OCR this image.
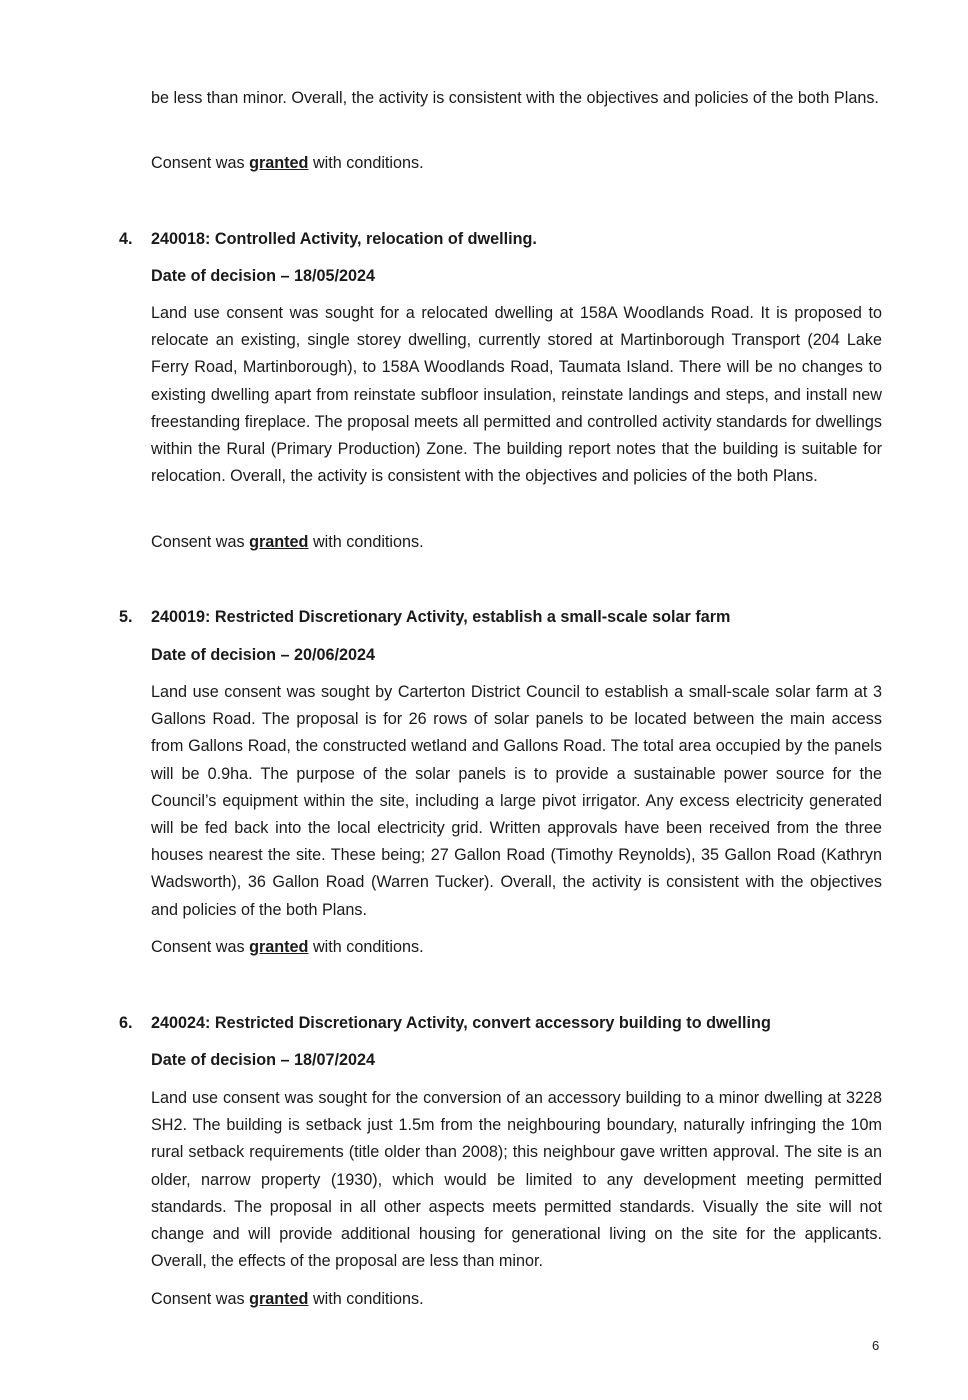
be less than minor. Overall, the activity is consistent with the objectives and policies of the both Plans.

Consent was granted with conditions.

4. 240018: Controlled Activity, relocation of dwelling.
Date of decision – 18/05/2024

Land use consent was sought for a relocated dwelling at 158A Woodlands Road. It is proposed to relocate an existing, single storey dwelling, currently stored at Martinborough Transport (204 Lake Ferry Road, Martinborough), to 158A Woodlands Road, Taumata Island. There will be no changes to existing dwelling apart from reinstate subfloor insulation, reinstate landings and steps, and install new freestanding fireplace. The proposal meets all permitted and controlled activity standards for dwellings within the Rural (Primary Production) Zone. The building report notes that the building is suitable for relocation. Overall, the activity is consistent with the objectives and policies of the both Plans.

Consent was granted with conditions.

5. 240019: Restricted Discretionary Activity, establish a small-scale solar farm
Date of decision – 20/06/2024

Land use consent was sought by Carterton District Council to establish a small-scale solar farm at 3 Gallons Road. The proposal is for 26 rows of solar panels to be located between the main access from Gallons Road, the constructed wetland and Gallons Road. The total area occupied by the panels will be 0.9ha. The purpose of the solar panels is to provide a sustainable power source for the Council’s equipment within the site, including a large pivot irrigator. Any excess electricity generated will be fed back into the local electricity grid. Written approvals have been received from the three houses nearest the site. These being; 27 Gallon Road (Timothy Reynolds), 35 Gallon Road (Kathryn Wadsworth), 36 Gallon Road (Warren Tucker). Overall, the activity is consistent with the objectives and policies of the both Plans.

Consent was granted with conditions.

6. 240024: Restricted Discretionary Activity, convert accessory building to dwelling
Date of decision – 18/07/2024

Land use consent was sought for the conversion of an accessory building to a minor dwelling at 3228 SH2. The building is setback just 1.5m from the neighbouring boundary, naturally infringing the 10m rural setback requirements (title older than 2008); this neighbour gave written approval. The site is an older, narrow property (1930), which would be limited to any development meeting permitted standards. The proposal in all other aspects meets permitted standards. Visually the site will not change and will provide additional housing for generational living on the site for the applicants. Overall, the effects of the proposal are less than minor.

Consent was granted with conditions.

6
